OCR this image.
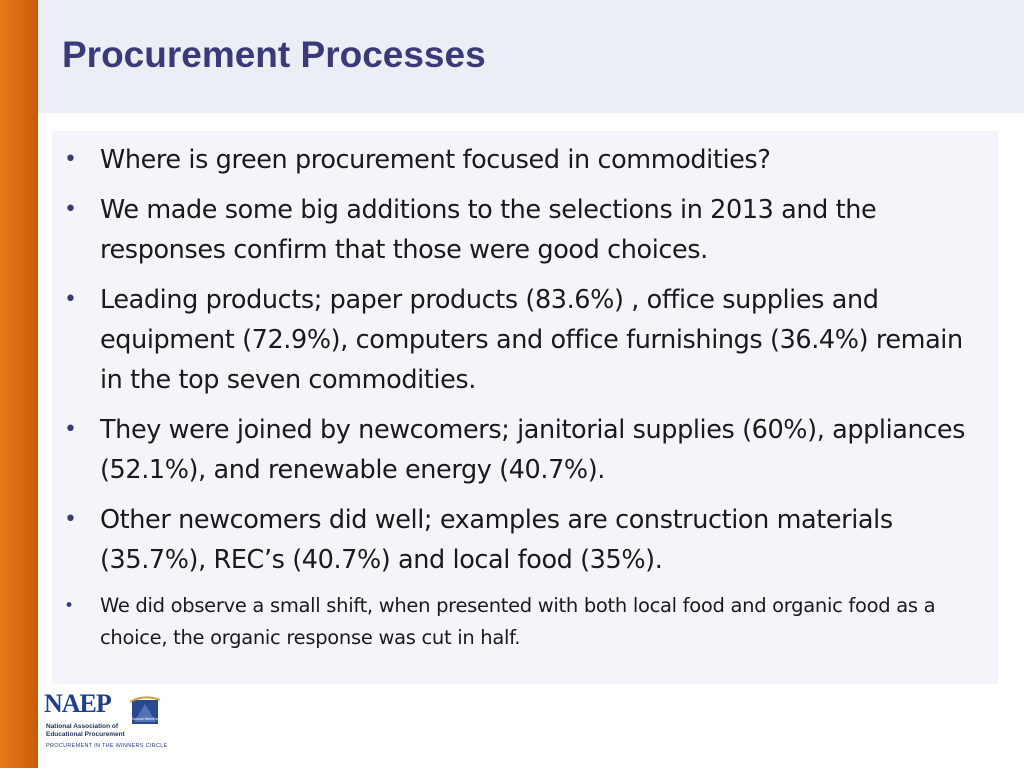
Procurement Processes
• Where is green procurement focused in commodities?
• We made some big additions to the selections in 2013 and the responses confirm that those were good choices.
• Leading products; paper products (83.6%) , office supplies and equipment (72.9%), computers and office furnishings (36.4%) remain in the top seven commodities.
• They were joined by newcomers; janitorial supplies (60%), appliances (52.1%), and renewable energy (40.7%).
• Other newcomers did well; examples are construction materials (35.7%), REC’s (40.7%) and local food (35%).
• We did observe a small shift, when presented with both local food and organic food as a choice, the organic response was cut in half.
NAEP
Annual Meeting
National Association of
Educational Procurement
PROCUREMENT IN THE WINNERS CIRCLE
